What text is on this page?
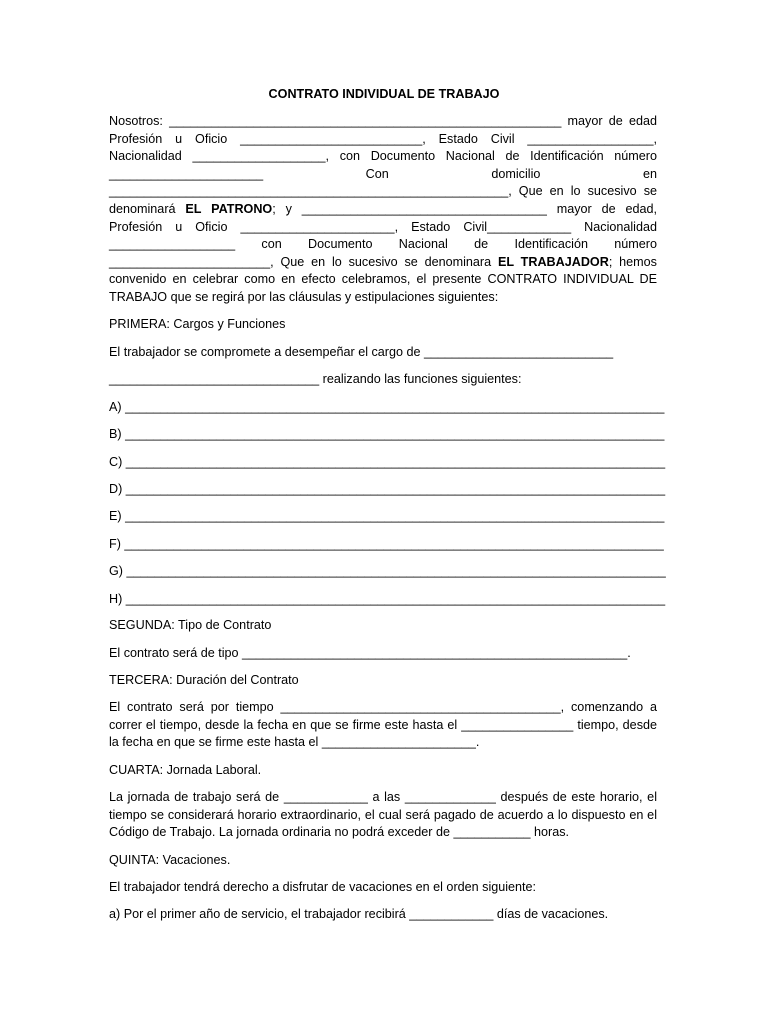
CONTRATO INDIVIDUAL DE TRABAJO
Nosotros: ________________________________________________________ mayor de edad Profesión u Oficio __________________________, Estado Civil __________________, Nacionalidad ___________________, con Documento Nacional de Identificación número ______________________ Con domicilio en _________________________________________________________, Que en lo sucesivo se denominará EL PATRONO; y ___________________________________ mayor de edad, Profesión u Oficio ______________________, Estado Civil____________ Nacionalidad __________________ con Documento Nacional de Identificación número _______________________, Que en lo sucesivo se denominara EL TRABAJADOR; hemos convenido en celebrar como en efecto celebramos, el presente CONTRATO INDIVIDUAL DE TRABAJO que se regirá por las cláusulas y estipulaciones siguientes:
PRIMERA: Cargos y Funciones
El trabajador se compromete a desempeñar el cargo de ___________________________
______________________________ realizando las funciones siguientes:
A) _____________________________________________________________________________
B) _____________________________________________________________________________
C) _____________________________________________________________________________
D) _____________________________________________________________________________
E) _____________________________________________________________________________
F) _____________________________________________________________________________
G) _____________________________________________________________________________
H) _____________________________________________________________________________
SEGUNDA: Tipo de Contrato
El contrato será de tipo _______________________________________________________.
TERCERA: Duración del Contrato
El contrato será por tiempo ________________________________________, comenzando a correr el tiempo, desde la fecha en que se firme este hasta el ________________ tiempo, desde la fecha en que se firme este hasta el ______________________.
CUARTA: Jornada Laboral.
La jornada de trabajo será de ____________ a las _____________ después de este horario, el tiempo se considerará horario extraordinario, el cual será pagado de acuerdo a lo dispuesto en el Código de Trabajo. La jornada ordinaria no podrá exceder de ___________ horas.
QUINTA: Vacaciones.
El trabajador tendrá derecho a disfrutar de vacaciones en el orden siguiente:
a) Por el primer año de servicio, el trabajador recibirá ____________ días de vacaciones.
